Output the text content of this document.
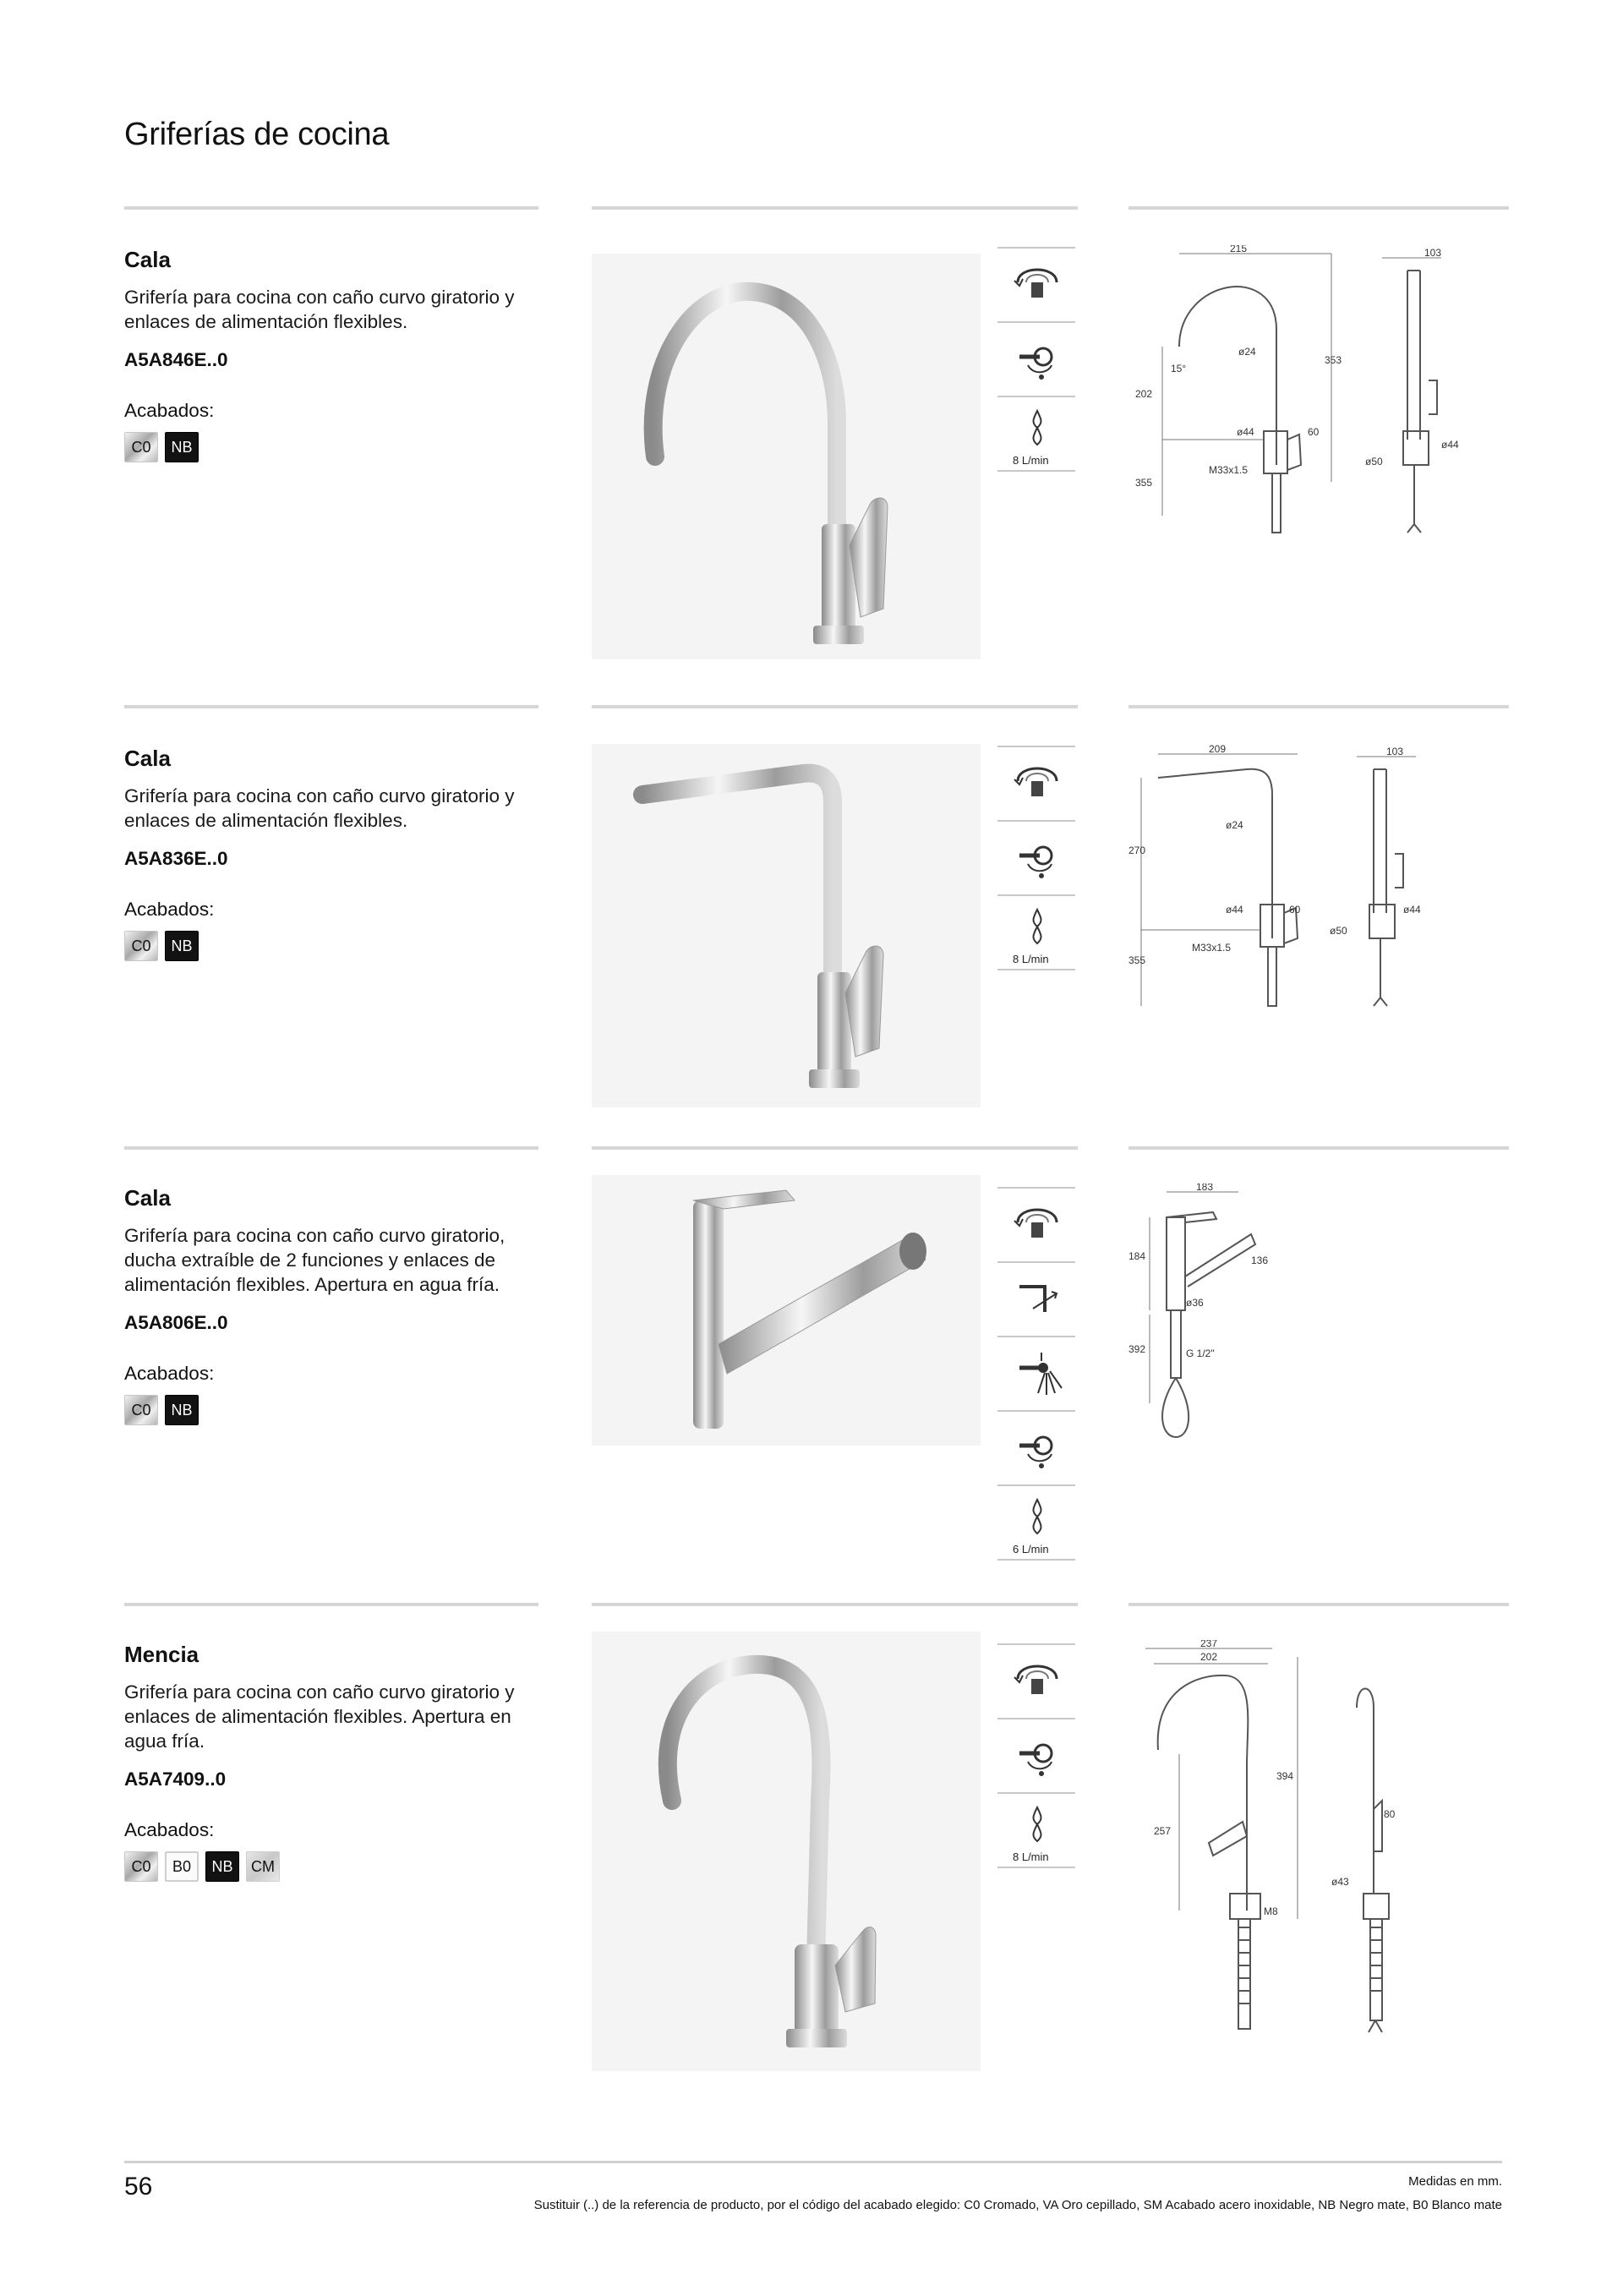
Griferías de cocina
Cala
Grifería para cocina con caño curvo giratorio y enlaces de alimentación flexibles.
A5A846E..0
Acabados:
C0	NB
8 L/min
215	103
ø24
353
202
15°
ø44	60
ø50
M33x1.5
355
ø44
Cala
Grifería para cocina con caño curvo giratorio y enlaces de alimentación flexibles.
A5A836E..0
Acabados:
C0	NB
8 L/min
209	103
ø24
270
ø44	60
M33x1.5
355
ø50
ø44
Cala
Grifería para cocina con caño curvo giratorio, ducha extraíble de 2 funciones y enlaces de alimentación flexibles. Apertura en agua fría.
A5A806E..0
Acabados:
C0	NB
6 L/min
183
184	136
ø36
392	G 1/2"
Mencia
Grifería para cocina con caño curvo giratorio y enlaces de alimentación flexibles. Apertura en agua fría.
A5A7409..0
Acabados:
C0	B0	NB	CM
8 L/min
237
202
394
257
80
M8
ø43
56	Medidas en mm.
Sustituir (..) de la referencia de producto, por el código del acabado elegido: C0 Cromado, VA Oro cepillado, SM Acabado acero inoxidable, NB Negro mate, B0 Blanco mate
